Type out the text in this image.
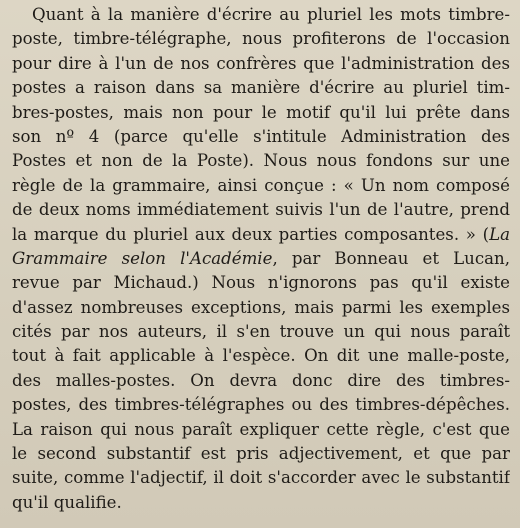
Quant à la manière d'écrire au pluriel les mots timbre-
poste, timbre-télégraphe, nous profiterons de l'occasion
pour dire à l'un de nos confrères que l'administration des
postes a raison dans sa manière d'écrire au pluriel tim-
bres-postes, mais non pour le motif qu'il lui prête dans
son nº 4 (parce qu'elle s'intitule Administration des
Postes et non de la Poste). Nous nous fondons sur une
règle de la grammaire, ainsi conçue : « Un nom composé
de deux noms immédiatement suivis l'un de l'autre, prend
la marque du pluriel aux deux parties composantes. » (La
Grammaire selon l'Académie, par Bonneau et Lucan,
revue par Michaud.) Nous n'ignorons pas qu'il existe
d'assez nombreuses exceptions, mais parmi les exemples
cités par nos auteurs, il s'en trouve un qui nous paraît
tout à fait applicable à l'espèce. On dit une malle-poste,
des malles-postes. On devra donc dire des timbres-
postes, des timbres-télégraphes ou des timbres-dépêches.
La raison qui nous paraît expliquer cette règle, c'est que
le second substantif est pris adjectivement, et que par
suite, comme l'adjectif, il doit s'accorder avec le substantif
qu'il qualifie.
